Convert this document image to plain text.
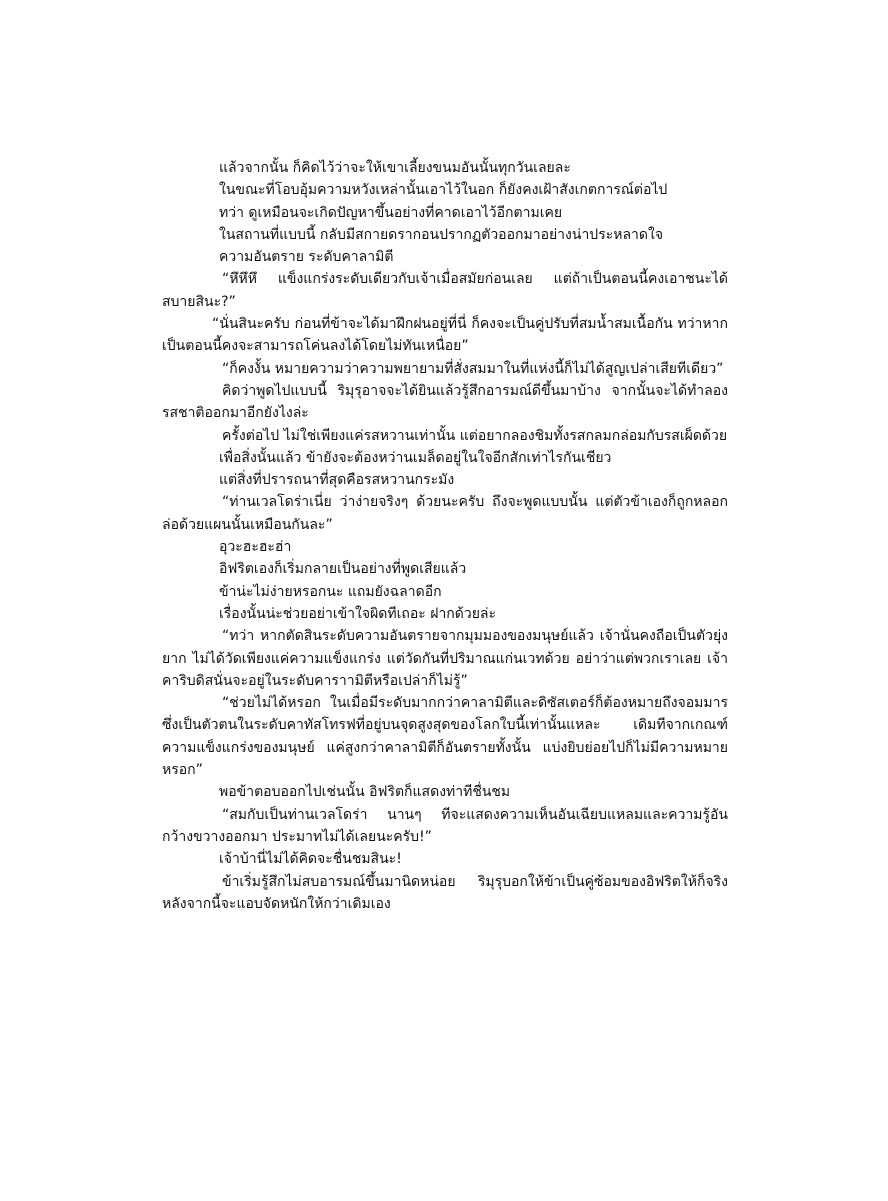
แล้วจากนั้น ก็คิดไว้ว่าจะให้เขาเลี้ยงขนมอันนั้นทุกวันเลยละ

ในขณะที่โอบอุ้มความหวังเหล่านั้นเอาไว้ในอก ก็ยังคงเฝ้าสังเกตการณ์ต่อไป

ทว่า ดูเหมือนจะเกิดปัญหาขึ้นอย่างที่คาดเอาไว้อีกตามเคย

ในสถานที่แบบนี้ กลับมีสกายดรากอนปรากฏตัวออกมาอย่างน่าประหลาดใจ

ความอันตราย ระดับคาลามิตี

“หึหึหึ แข็งแกร่งระดับเดียวกับเจ้าเมื่อสมัยก่อนเลย แต่ถ้าเป็นตอนนี้คงเอาชนะได้สบายสินะ?”

“นั่นสินะครับ ก่อนที่ข้าจะได้มาฝึกฝนอยู่ที่นี่ ก็คงจะเป็นคู่ปรับที่สมน้ำสมเนื้อกัน ทว่าหากเป็นตอนนี้คงจะสามารถโค่นลงได้โดยไม่ทันเหนื่อย”

“ก็คงงั้น หมายความว่าความพยายามที่สั่งสมมาในที่แห่งนี้ก็ไม่ได้สูญเปล่าเสียทีเดียว”

คิดว่าพูดไปแบบนี้ ริมุรุอาจจะได้ยินแล้วรู้สึกอารมณ์ดีขึ้นมาบ้าง จากนั้นจะได้ทำลองรสชาติออกมาอีกยังไงล่ะ

ครั้งต่อไป ไม่ใช่เพียงแค่รสหวานเท่านั้น แต่อยากลองชิมทั้งรสกลมกล่อมกับรสเผ็ดด้วย

เพื่อสิ่งนั้นแล้ว ข้ายังจะต้องหว่านเมล็ดอยู่ในใจอีกสักเท่าไรกันเชียว

แต่สิ่งที่ปรารถนาที่สุดคือรสหวานกระมัง

“ท่านเวลโดร่าเนี่ย ว่าง่ายจริงๆ ด้วยนะครับ ถึงจะพูดแบบนั้น แต่ตัวข้าเองก็ถูกหลอกล่อด้วยแผนนั้นเหมือนกันละ”

อุวะฮะฮะฮ่า

อิฟริตเองก็เริ่มกลายเป็นอย่างที่พูดเสียแล้ว

ข้าน่ะไม่ง่ายหรอกนะ แถมยังฉลาดอีก

เรื่องนั้นน่ะช่วยอย่าเข้าใจผิดทีเถอะ ฝากด้วยล่ะ

“ทว่า หากตัดสินระดับความอันตรายจากมุมมองของมนุษย์แล้ว เจ้านั่นคงถือเป็นตัวยุ่งยาก ไม่ได้วัดเพียงแค่ความแข็งแกร่ง แต่วัดกันที่ปริมาณแก่นเวทด้วย อย่าว่าแต่พวกเราเลย เจ้าคาริบดิสนั่นจะอยู่ในระดับคาราามิตีหรือเปล่าก็ไม่รู้”

“ช่วยไม่ได้หรอก ในเมื่อมีระดับมากกว่าคาลามิตีและดิซัสเตอร์ก็ต้องหมายถึงจอมมารซึ่งเป็นตัวตนในระดับคาทัสโทรฟที่อยู่บนจุดสูงสุดของโลกใบนี้เท่านั้นแหละ เดิมทีจากเกณฑ์ความแข็งแกร่งของมนุษย์ แค่สูงกว่าคาลามิตีก็อันตรายทั้งนั้น แบ่งยิบย่อยไปก็ไม่มีความหมายหรอก”

พอข้าตอบออกไปเช่นนั้น อิฟริตก็แสดงท่าทีชื่นชม

“สมกับเป็นท่านเวลโดร่า นานๆ ทีจะแสดงความเห็นอันเฉียบแหลมและความรู้อันกว้างขวางออกมา ประมาทไม่ได้เลยนะครับ!”

เจ้าบ้านี่ไม่ได้คิดจะชื่นชมสินะ!

ข้าเริ่มรู้สึกไม่สบอารมณ์ขึ้นมานิดหน่อย ริมุรุบอกให้ข้าเป็นคู่ซ้อมของอิฟริตให้ก็จริง หลังจากนี้จะแอบจัดหนักให้กว่าเดิมเอง
